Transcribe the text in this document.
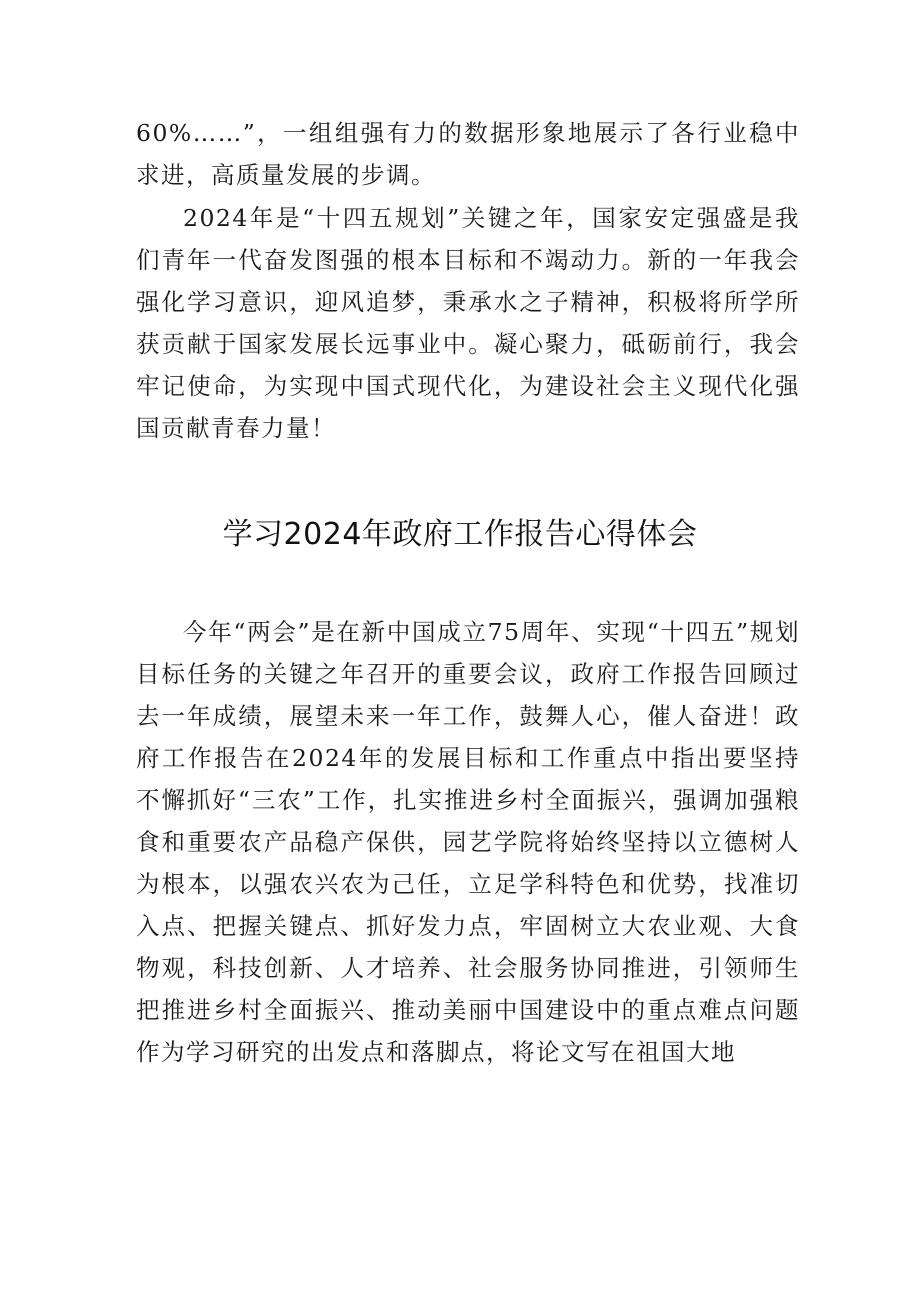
60%……”，一组组强有力的数据形象地展示了各行业稳中求进，高质量发展的步调。

2024年是“十四五规划”关键之年，国家安定强盛是我们青年一代奋发图强的根本目标和不竭动力。新的一年我会强化学习意识，迎风追梦，秉承水之子精神，积极将所学所获贡献于国家发展长远事业中。凝心聚力，砥砺前行，我会牢记使命，为实现中国式现代化，为建设社会主义现代化强国贡献青春力量！

学习2024年政府工作报告心得体会

今年“两会”是在新中国成立75周年、实现“十四五”规划目标任务的关键之年召开的重要会议，政府工作报告回顾过去一年成绩，展望未来一年工作，鼓舞人心，催人奋进！政府工作报告在2024年的发展目标和工作重点中指出要坚持不懈抓好“三农”工作，扎实推进乡村全面振兴，强调加强粮食和重要农产品稳产保供，园艺学院将始终坚持以立德树人为根本，以强农兴农为己任，立足学科特色和优势，找准切入点、把握关键点、抓好发力点，牢固树立大农业观、大食物观，科技创新、人才培养、社会服务协同推进，引领师生把推进乡村全面振兴、推动美丽中国建设中的重点难点问题作为学习研究的出发点和落脚点，将论文写在祖国大地
